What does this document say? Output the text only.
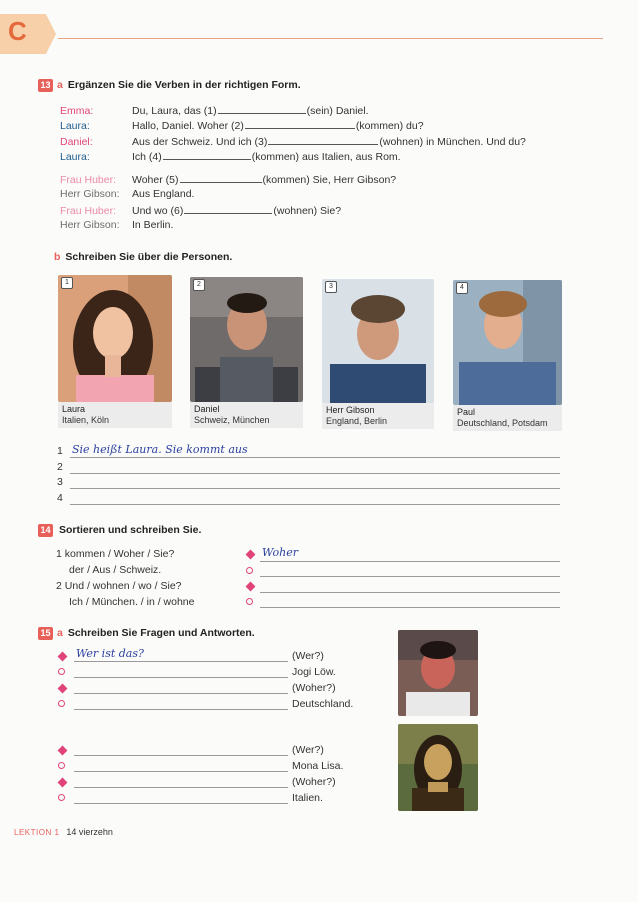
C
13 a Ergänzen Sie die Verben in der richtigen Form.
Emma:	Du, Laura, das (1)	(sein) Daniel.
Laura:	Hallo, Daniel. Woher (2)	(kommen) du?
Daniel:	Aus der Schweiz. Und ich (3)	(wohnen) in München. Und du?
Laura:	Ich (4)	(kommen) aus Italien, aus Rom.
Frau Huber: Woher (5)	(kommen) Sie, Herr Gibson?
Herr Gibson: Aus England.
Frau Huber: Und wo (6)	(wohnen) Sie?
Herr Gibson: In Berlin.
b Schreiben Sie über die Personen.
1
Laura
Italien, Köln
2
Daniel
Schweiz, München
3
Herr Gibson
England, Berlin
4
Paul
Deutschland, Potsdam
1 Sie heißt Laura. Sie kommt aus
2
3
4
14 Sortieren und schreiben Sie.
1 kommen / Woher / Sie?
der / Aus / Schweiz.
2 Und / wohnen / wo / Sie?
Ich / München. / in / wohne
Woher
15 a Schreiben Sie Fragen und Antworten.
Wer ist das?	(Wer?)
Jogi Löw.
(Woher?)
Deutschland.
(Wer?)
Mona Lisa.
(Woher?)
Italien.
LEKTION 1 14 vierzehn
